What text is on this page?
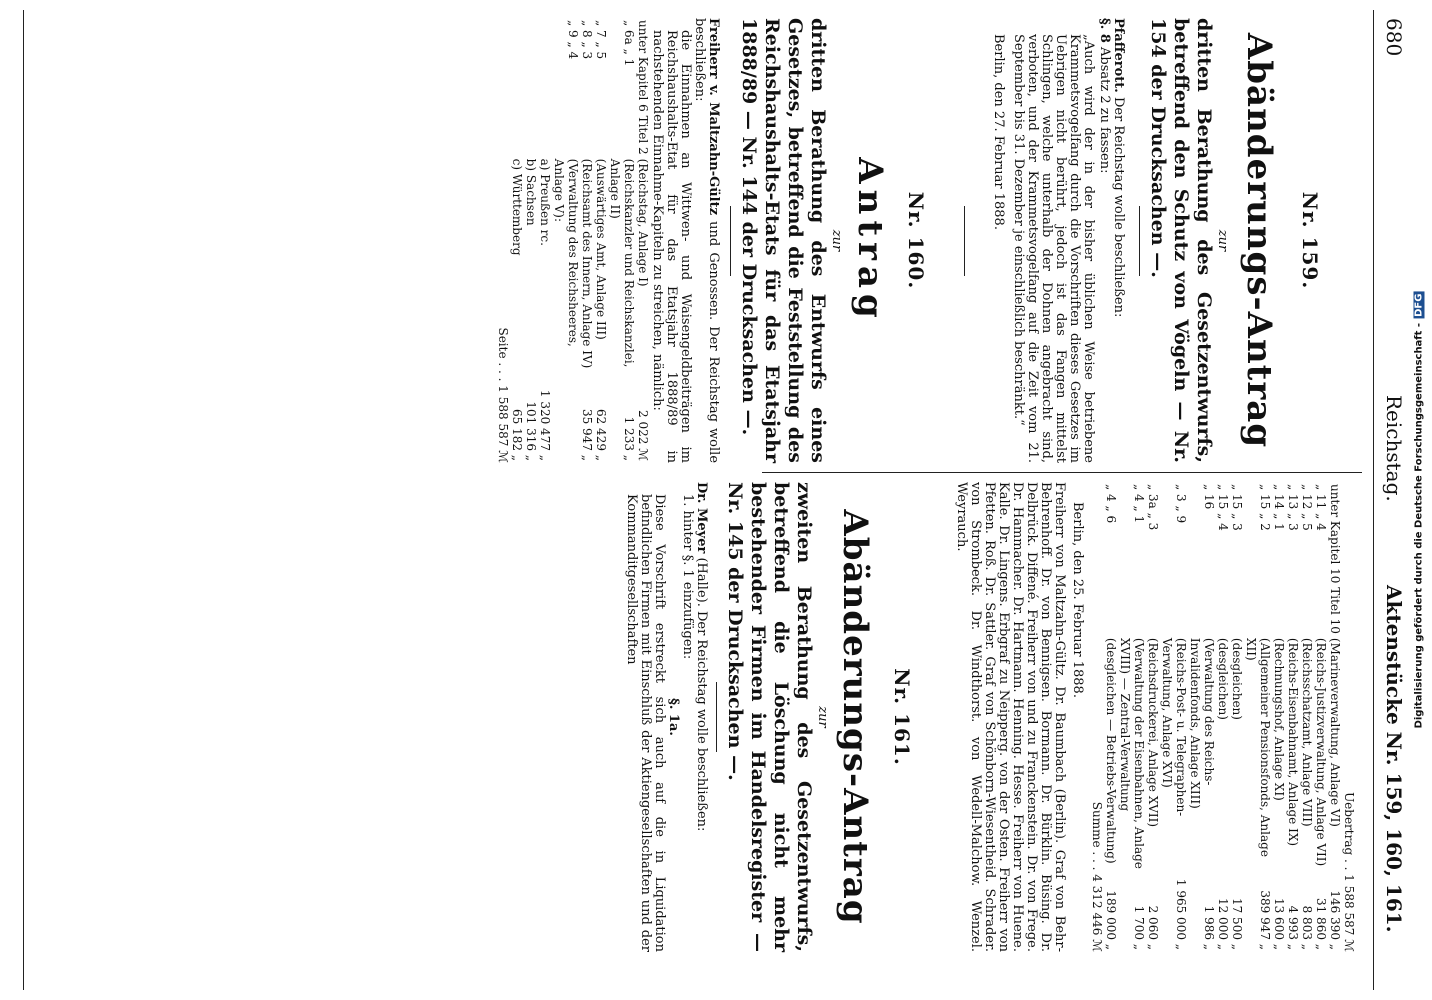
680
Reichstag.
Aktenstücke Nr. 159, 160, 161.
Nr. 159.
Abänderungs-Antrag
zur
dritten Berathung des Gesetzentwurfs, betreffend den Schutz von Vögeln — Nr. 154 der Drucksachen —.
Pfafferott. Der Reichstag wolle beschließen:
§. 8 Absatz 2 zu fassen:
„Auch wird der in der bisher üblichen Weise betriebene Krammetsvogelfang durch die Vorschriften dieses Gesetzes im Uebrigen nicht berührt, jedoch ist das Fangen mittelst Schlingen, welche unterhalb der Dohnen angebracht sind, verboten, und der Krammetsvogelfang auf die Zeit vom 21. September bis 31. Dezember je einschließlich beschränkt.“
Berlin, den 27. Februar 1888.
Nr. 160.
Antrag
zur
dritten Berathung des Entwurfs eines Gesetzes, betreffend die Feststellung des Reichshaushalts-Etats für das Etatsjahr 1888/89 — Nr. 144 der Drucksachen —.
Freiherr v. Maltzahn-Gültz und Genossen. Der Reichstag wolle beschließen:
die Einnahmen an Wittwen- und Waisengeldbeiträgen im Reichshaushalts-Etat für das Etatsjahr 1888/89 in nachstehenden Einnahme-Kapiteln zu streichen, nämlich:
unter Kapitel 6 Titel 2	(Reichstag, Anlage I)	2 022 ℳ
„ 6a „ 1	(Reichskanzler und Reichskanzlei, Anlage II)	1 233 „
„ 7 „ 5	(Auswärtiges Amt, Anlage III)	62 429 „
„ 8 „ 3	(Reichsamt des Innern, Anlage IV)	35 947 „
„ 9 „ 4	(Verwaltung des Reichsheeres, Anlage V):	
	a) Preußen rc.	1 320 477 „
	b) Sachsen	101 316 „
	c) Württemberg	65 182 „
Seite . . . 1 588 587 ℳ
Uebertrag . . 1 588 587 ℳ
unter Kapitel 10 Titel 10	(Marineverwaltung, Anlage VI)	146 390 „
„ 11 „ 4	(Reichs-Justizverwaltung, Anlage VII)	31 860 „
„ 12 „ 5	(Reichsschatzamt, Anlage VIII)	8 803 „
„ 13 „ 3	(Reichs-Eisenbahnamt, Anlage IX)	4 993 „
„ 14 „ 1	(Rechnungshof, Anlage XI)	13 600 „
„ 15 „ 2	(Allgemeiner Pensionsfonds, Anlage XII)	389 947 „
„ 15 „ 3	(desgleichen)	17 500 „
„ 15 „ 4	(desgleichen)	12 000 „
„ 16	(Verwaltung des Reichs-Invalidenfonds, Anlage XIII)	1 986 „
„ 3 „ 9	(Reichs-Post- u. Telegraphen-Verwaltung, Anlage XVI)	1 965 000 „
„ 3a „ 3	(Reichsdruckerei, Anlage XVII)	2 060 „
„ 4 „ 1	(Verwaltung der Eisenbahnen, Anlage XVIII) — Zentral-Verwaltung	1 700 „
„ 4 „ 6	(desgleichen — Betriebs-Verwaltung)	189 000 „
Summe . . . 4 312 446 ℳ
Berlin, den 25. Februar 1888.
Freiherr von Maltzahn-Gültz. Dr. Baumbach (Berlin). Graf von Behr-Behrenhoff. Dr. von Bennigsen. Bormann. Dr. Bürklin. Büsing. Dr. Delbrück. Diffené. Freiherr von und zu Franckenstein. Dr. von Frege. Dr. Hammacher. Dr. Hartmann. Henning. Hesse. Freiherr von Huene. Kalle. Dr. Lingens. Erbgraf zu Neipperg. von der Osten. Freiherr von Pfetten. Roß. Dr. Sattler. Graf von Schönborn-Wiesentheid. Schrader. von Strombeck. Dr. Windthorst. von Wedell-Malchow. Wenzel. Weyrauch.
Nr. 161.
Abänderungs-Antrag
zur
zweiten Berathung des Gesetzentwurfs, betreffend die Löschung nicht mehr bestehender Firmen im Handelsregister — Nr. 145 der Drucksachen —.
Dr. Meyer (Halle). Der Reichstag wolle beschließen:
1. hinter §. 1 einzufügen:
§. 1a.
Diese Vorschrift erstreckt sich auch auf die in Liquidation befindlichen Firmen mit Einschluß der Aktiengesellschaften und der Kommanditgesellschaften	Digitalisierung gefördert durch die Deutsche Forschungsgemeinschaft -DFG
